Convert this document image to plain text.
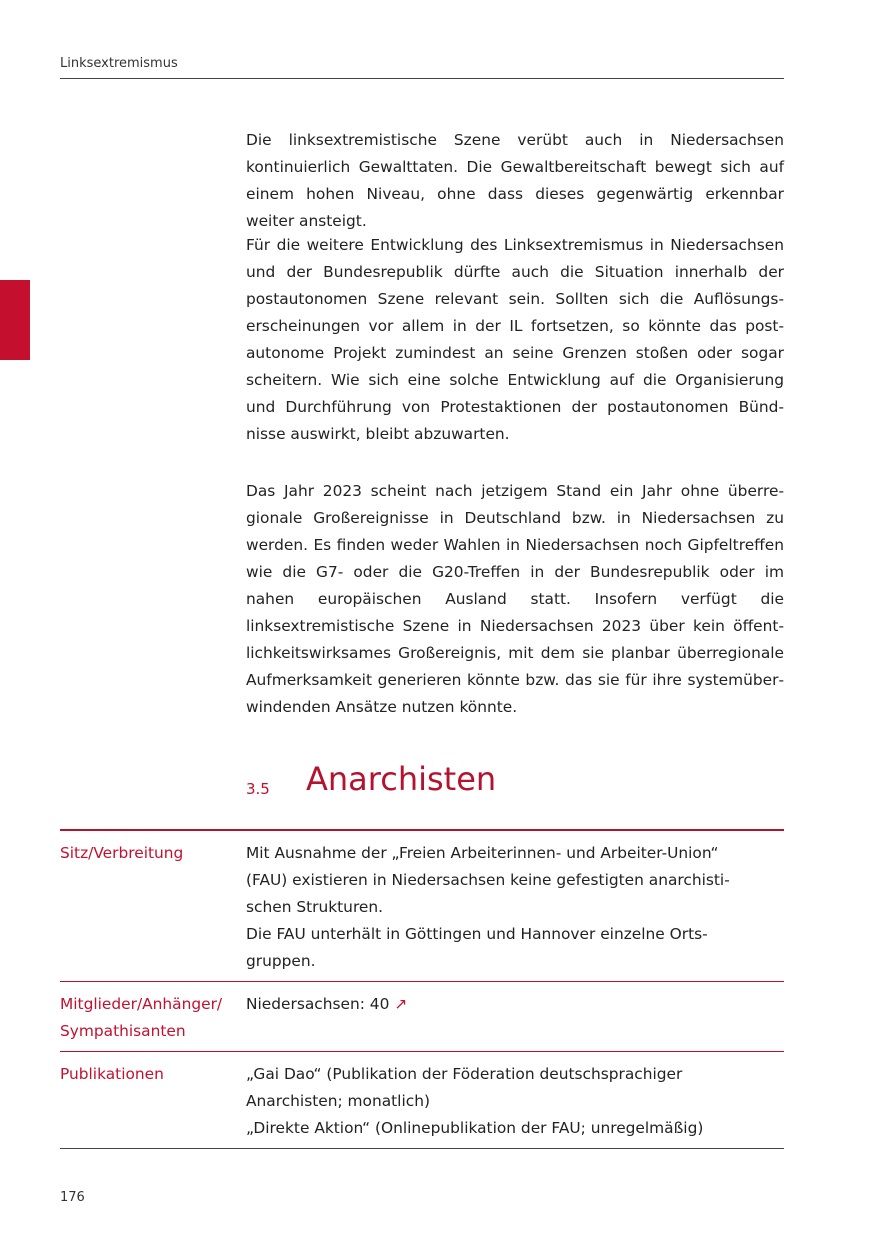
Linksextremismus

Die linksextremistische Szene verübt auch in Niedersachsen kontinuierlich Gewalttaten. Die Gewaltbereitschaft bewegt sich auf einem hohen Niveau, ohne dass dieses gegenwärtig erkennbar weiter ansteigt.

Für die weitere Entwicklung des Linksextremismus in Niedersachsen und der Bundesrepublik dürfte auch die Situation innerhalb der postautonomen Szene relevant sein. Sollten sich die Auflösungserscheinungen vor allem in der IL fortsetzen, so könnte das postautonome Projekt zumindest an seine Grenzen stoßen oder sogar scheitern. Wie sich eine solche Entwicklung auf die Organisierung und Durchführung von Protestaktionen der postautonomen Bündnisse auswirkt, bleibt abzuwarten.

Das Jahr 2023 scheint nach jetzigem Stand ein Jahr ohne überregionale Großereignisse in Deutschland bzw. in Niedersachsen zu werden. Es finden weder Wahlen in Niedersachsen noch Gipfeltreffen wie die G7- oder die G20-Treffen in der Bundesrepublik oder im nahen europäischen Ausland statt. Insofern verfügt die linksextremistische Szene in Niedersachsen 2023 über kein öffentlichkeitswirksames Großereignis, mit dem sie planbar überregionale Aufmerksamkeit generieren könnte bzw. das sie für ihre systemüberwindenden Ansätze nutzen könnte.

3.5 Anarchisten
Sitz/Verbreitung	Mit Ausnahme der „Freien Arbeiterinnen- und Arbeiter-Union“ (FAU) existieren in Niedersachsen keine gefestigten anarchistischen Strukturen.
Die FAU unterhält in Göttingen und Hannover einzelne Ortsgruppen.
Mitglieder/Anhänger/ Sympathisanten
Niedersachsen: 40 ↗
Publikationen	„Gai Dao“ (Publikation der Föderation deutschsprachiger Anarchisten; monatlich)
„Direkte Aktion“ (Onlinepublikation der FAU; unregelmäßig)
176
